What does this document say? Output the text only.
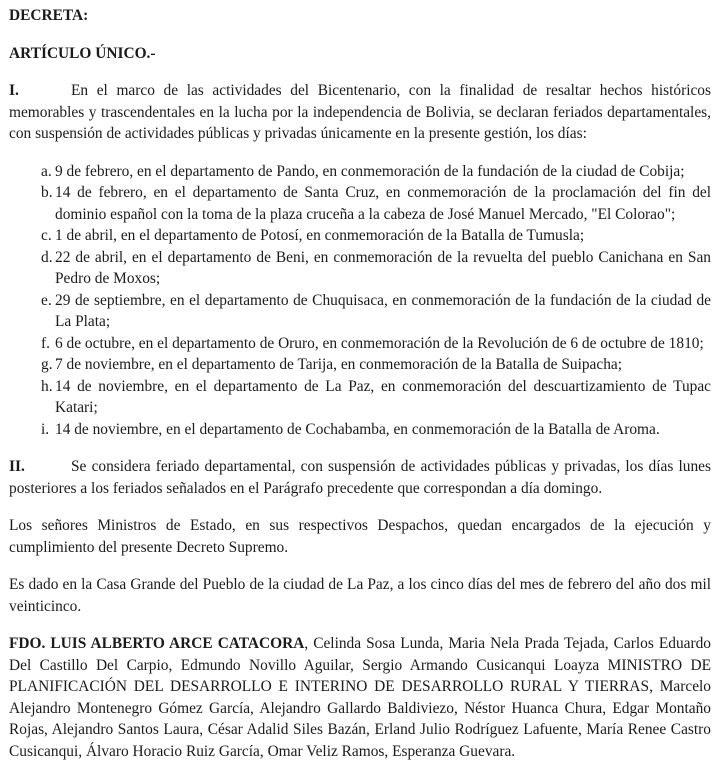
DECRETA:

ARTÍCULO ÚNICO.-

I.	En el marco de las actividades del Bicentenario, con la finalidad de resaltar hechos históricos memorables y trascendentales en la lucha por la independencia de Bolivia, se declaran feriados departamentales, con suspensión de actividades públicas y privadas únicamente en la presente gestión, los días:

a. 9 de febrero, en el departamento de Pando, en conmemoración de la fundación de la ciudad de Cobija;
b. 14 de febrero, en el departamento de Santa Cruz, en conmemoración de la proclamación del fin del dominio español con la toma de la plaza cruceña a la cabeza de José Manuel Mercado, "El Colorao";
c. 1 de abril, en el departamento de Potosí, en conmemoración de la Batalla de Tumusla;
d. 22 de abril, en el departamento de Beni, en conmemoración de la revuelta del pueblo Canichana en San Pedro de Moxos;
e. 29 de septiembre, en el departamento de Chuquisaca, en conmemoración de la fundación de la ciudad de La Plata;
f. 6 de octubre, en el departamento de Oruro, en conmemoración de la Revolución de 6 de octubre de 1810;
g. 7 de noviembre, en el departamento de Tarija, en conmemoración de la Batalla de Suipacha;
h. 14 de noviembre, en el departamento de La Paz, en conmemoración del descuartizamiento de Tupac Katari;
i. 14 de noviembre, en el departamento de Cochabamba, en conmemoración de la Batalla de Aroma.

II.	Se considera feriado departamental, con suspensión de actividades públicas y privadas, los días lunes posteriores a los feriados señalados en el Parágrafo precedente que correspondan a día domingo.

Los señores Ministros de Estado, en sus respectivos Despachos, quedan encargados de la ejecución y cumplimiento del presente Decreto Supremo.

Es dado en la Casa Grande del Pueblo de la ciudad de La Paz, a los cinco días del mes de febrero del año dos mil veinticinco.

FDO. LUIS ALBERTO ARCE CATACORA, Celinda Sosa Lunda, Maria Nela Prada Tejada, Carlos Eduardo Del Castillo Del Carpio, Edmundo Novillo Aguilar, Sergio Armando Cusicanqui Loayza MINISTRO DE PLANIFICACIÓN DEL DESARROLLO E INTERINO DE DESARROLLO RURAL Y TIERRAS, Marcelo Alejandro Montenegro Gómez García, Alejandro Gallardo Baldiviezo, Néstor Huanca Chura, Edgar Montaño Rojas, Alejandro Santos Laura, César Adalid Siles Bazán, Erland Julio Rodríguez Lafuente, María Renee Castro Cusicanqui, Álvaro Horacio Ruiz García, Omar Veliz Ramos, Esperanza Guevara.
